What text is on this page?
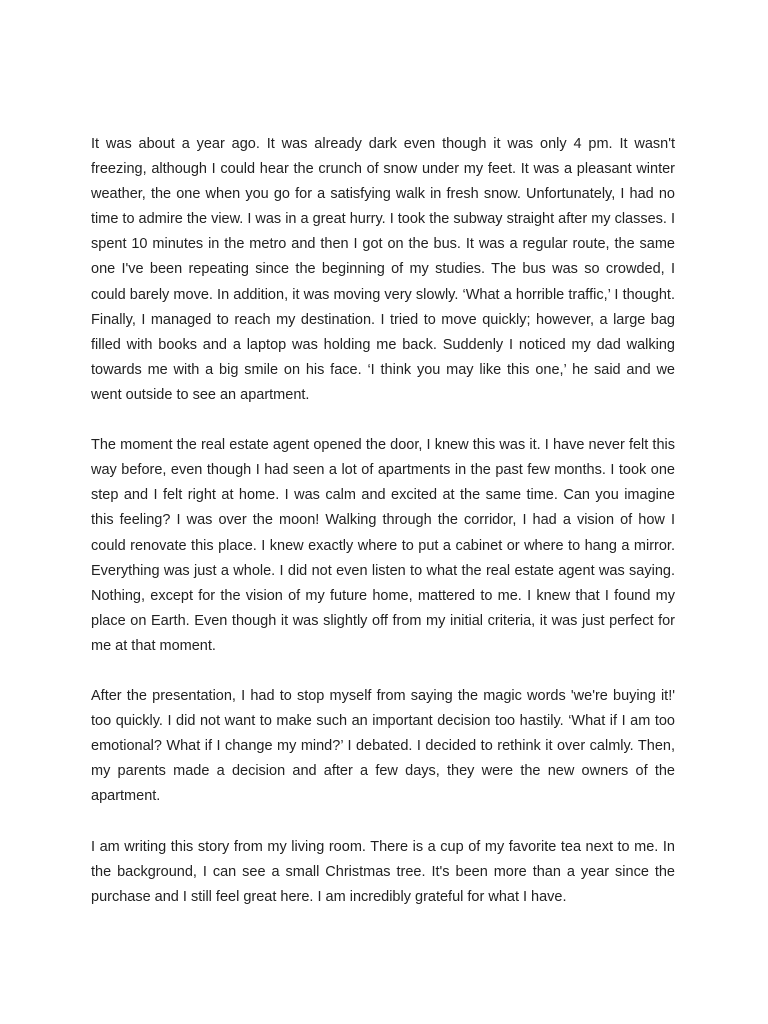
It was about a year ago. It was already dark even though it was only 4 pm. It wasn't freezing, although I could hear the crunch of snow under my feet. It was a pleasant winter weather, the one when you go for a satisfying walk in fresh snow. Unfortunately, I had no time to admire the view. I was in a great hurry. I took the subway straight after my classes. I spent 10 minutes in the metro and then I got on the bus. It was a regular route, the same one I've been repeating since the beginning of my studies. The bus was so crowded, I could barely move. In addition, it was moving very slowly. ‘What a horrible traffic,’ I thought. Finally, I managed to reach my destination. I tried to move quickly; however, a large bag filled with books and a laptop was holding me back. Suddenly I noticed my dad walking towards me with a big smile on his face. ‘I think you may like this one,’ he said and we went outside to see an apartment.

The moment the real estate agent opened the door, I knew this was it. I have never felt this way before, even though I had seen a lot of apartments in the past few months. I took one step and I felt right at home. I was calm and excited at the same time. Can you imagine this feeling? I was over the moon! Walking through the corridor, I had a vision of how I could renovate this place. I knew exactly where to put a cabinet or where to hang a mirror. Everything was just a whole. I did not even listen to what the real estate agent was saying. Nothing, except for the vision of my future home, mattered to me. I knew that I found my place on Earth. Even though it was slightly off from my initial criteria, it was just perfect for me at that moment.

After the presentation, I had to stop myself from saying the magic words 'we're buying it!' too quickly. I did not want to make such an important decision too hastily. ‘What if I am too emotional? What if I change my mind?’ I debated. I decided to rethink it over calmly. Then, my parents made a decision and after a few days, they were the new owners of the apartment.

I am writing this story from my living room. There is a cup of my favorite tea next to me. In the background, I can see a small Christmas tree. It's been more than a year since the purchase and I still feel great here. I am incredibly grateful for what I have.
